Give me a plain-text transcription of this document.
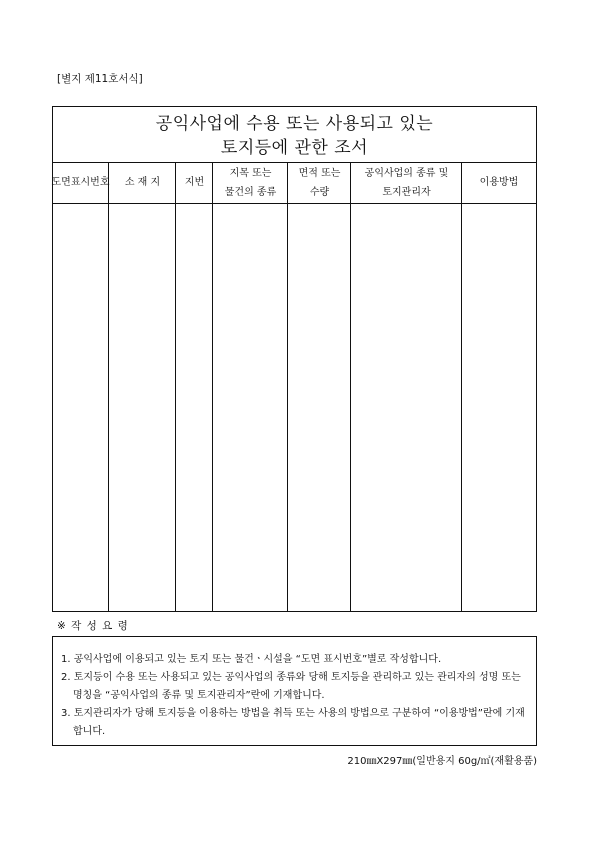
[별지 제11호서식]
공익사업에 수용 또는 사용되고 있는
토지등에 관한 조서
도면표시번호 소 재 지 지번
지목 또는 물건의 종류
면적 또는 수량
공익사업의 종류 및 토지관리자
이용방법
※ 작 성 요 령
1. 공익사업에 이용되고 있는 토지 또는 물건ㆍ시설을 “도면 표시번호”별로 작성합니다.
2. 토지등이 수용 또는 사용되고 있는 공익사업의 종류와 당해 토지등을 관리하고 있는 관리자의 성명 또는 명칭을 “공익사업의 종류 및 토지관리자”란에 기재합니다.
3. 토지관리자가 당해 토지등을 이용하는 방법을 취득 또는 사용의 방법으로 구분하여 “이용방법”란에 기재합니다.
210㎜X297㎜(일반용지 60g/㎡(재활용품)
